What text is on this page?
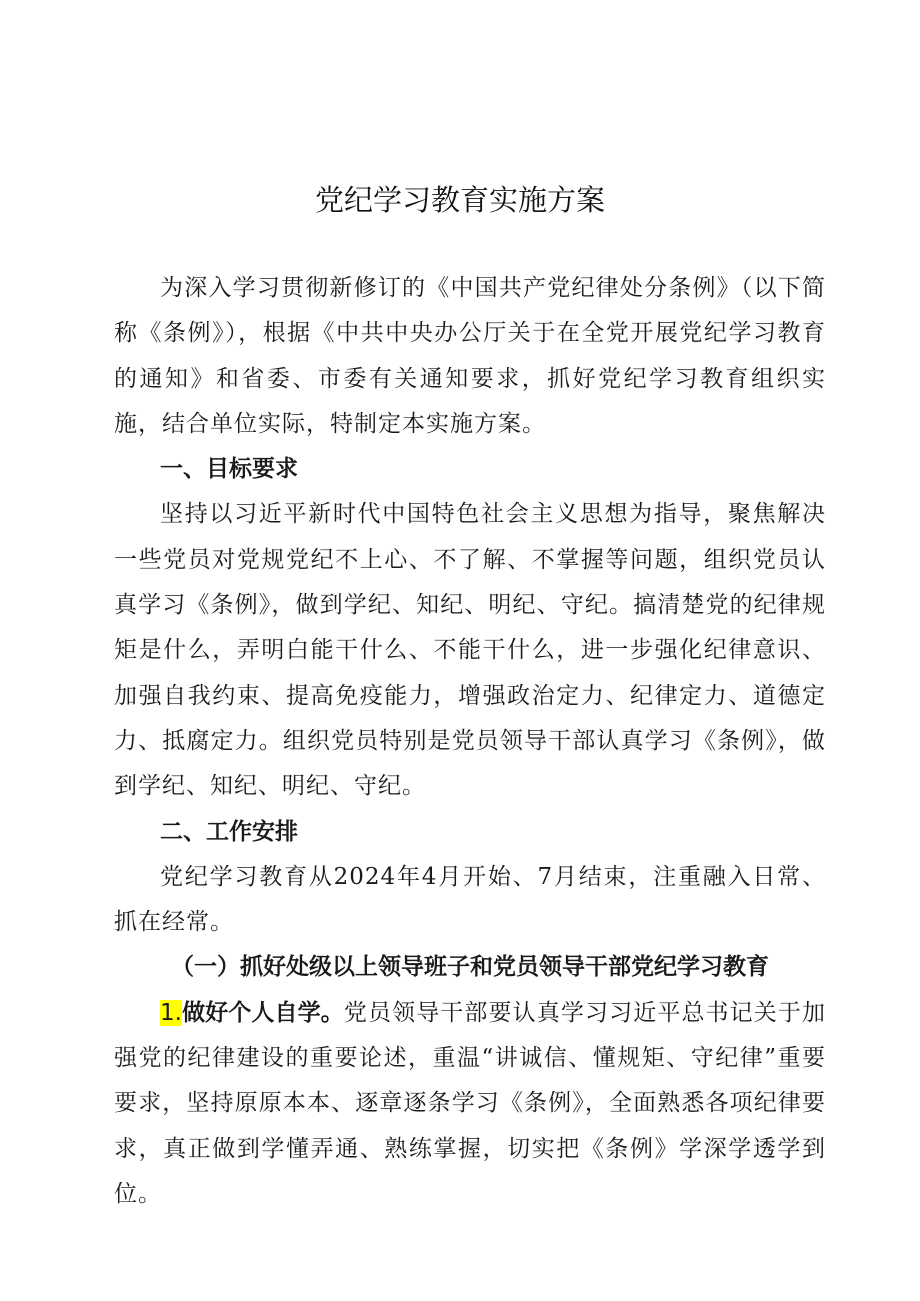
党纪学习教育实施方案

为深入学习贯彻新修订的《中国共产党纪律处分条例》（以下简称《条例》），根据《中共中央办公厅关于在全党开展党纪学习教育的通知》和省委、市委有关通知要求，抓好党纪学习教育组织实施，结合单位实际，特制定本实施方案。

一、目标要求

坚持以习近平新时代中国特色社会主义思想为指导，聚焦解决一些党员对党规党纪不上心、不了解、不掌握等问题，组织党员认真学习《条例》，做到学纪、知纪、明纪、守纪。搞清楚党的纪律规矩是什么，弄明白能干什么、不能干什么，进一步强化纪律意识、加强自我约束、提高免疫能力，增强政治定力、纪律定力、道德定力、抵腐定力。组织党员特别是党员领导干部认真学习《条例》，做到学纪、知纪、明纪、守纪。

二、工作安排

党纪学习教育从2024年4月开始、7月结束，注重融入日常、抓在经常。

（一）抓好处级以上领导班子和党员领导干部党纪学习教育

1.做好个人自学。党员领导干部要认真学习习近平总书记关于加强党的纪律建设的重要论述，重温“讲诚信、懂规矩、守纪律”重要要求，坚持原原本本、逐章逐条学习《条例》，全面熟悉各项纪律要求，真正做到学懂弄通、熟练掌握，切实把《条例》学深学透学到位。
